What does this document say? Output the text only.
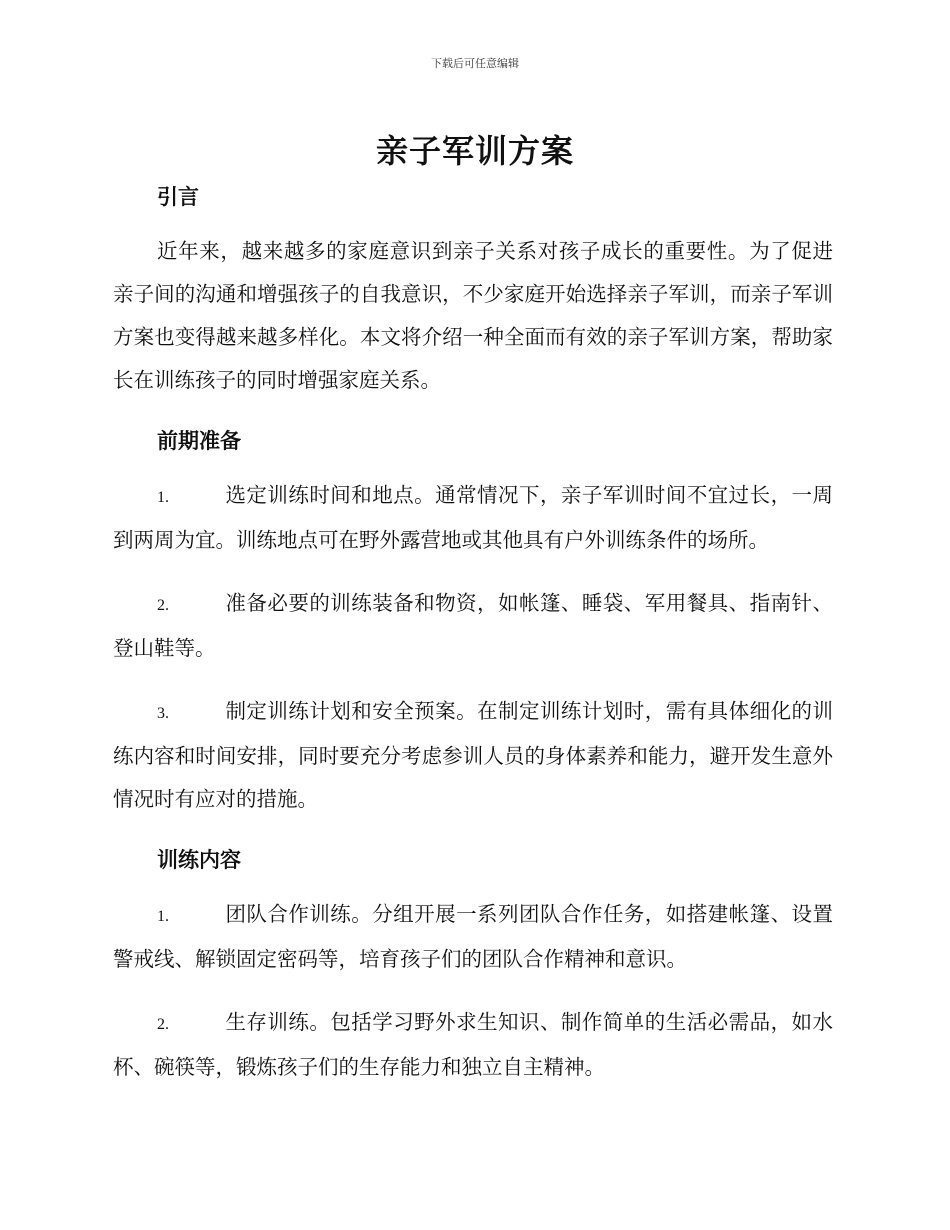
下载后可任意编辑
亲子军训方案
引言

近年来，越来越多的家庭意识到亲子关系对孩子成长的重要性。为了促进亲子间的沟通和增强孩子的自我意识，不少家庭开始选择亲子军训，而亲子军训方案也变得越来越多样化。本文将介绍一种全面而有效的亲子军训方案，帮助家长在训练孩子的同时增强家庭关系。

前期准备

1.	选定训练时间和地点。通常情况下，亲子军训时间不宜过长，一周到两周为宜。训练地点可在野外露营地或其他具有户外训练条件的场所。

2.	准备必要的训练装备和物资，如帐篷、睡袋、军用餐具、指南针、登山鞋等。

3.	制定训练计划和安全预案。在制定训练计划时，需有具体细化的训练内容和时间安排，同时要充分考虑参训人员的身体素养和能力，避开发生意外情况时有应对的措施。

训练内容

1.	团队合作训练。分组开展一系列团队合作任务，如搭建帐篷、设置警戒线、解锁固定密码等，培育孩子们的团队合作精神和意识。

2.	生存训练。包括学习野外求生知识、制作简单的生活必需品，如水杯、碗筷等，锻炼孩子们的生存能力和独立自主精神。
